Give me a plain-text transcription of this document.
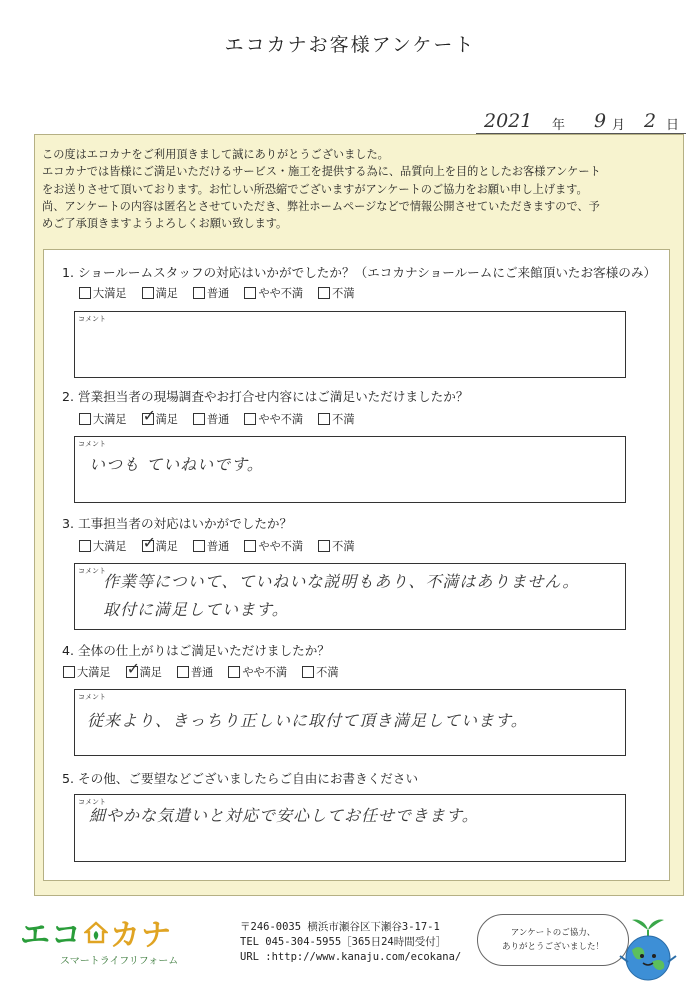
エコカナお客様アンケート
2021 年 9 月 2 日
この度はエコカナをご利用頂きまして誠にありがとうございました。
エコカナでは皆様にご満足いただけるサービス・施工を提供する為に、品質向上を目的としたお客様アンケート
をお送りさせて頂いております。お忙しい所恐縮でございますがアンケートのご協力をお願い申し上げます。
尚、アンケートの内容は匿名とさせていただき、弊社ホームページなどで情報公開させていただきますので、予
めご了承頂きますようよろしくお願い致します。
1. ショールームスタッフの対応はいかがでしたか？（エコカナショールームにご来館頂いたお客様のみ）
大満足	満足	普通	やや不満	不満
コメント
2. 営業担当者の現場調査やお打合せ内容にはご満足いただけましたか？
大満足 ✓ 満足	普通	やや不満	不満
コメント
いつも ていねいです。
3. 工事担当者の対応はいかがでしたか？
大満足 ✓ 満足	普通	やや不満	不満
コメント
作業等について、ていねいな説明もあり、不満はありません。
取付に満足しています。
4. 全体の仕上がりはご満足いただけましたか？
大満足 ✓ 満足	普通	やや不満	不満
コメント
従来より、きっちり正しいに取付て頂き満足しています。
5. その他、ご要望などございましたらご自由にお書きください
コメント
細やかな気遣いと対応で安心してお任せできます。
エコ カナ
スマートライフリフォーム
〒246-0035 横浜市瀬谷区下瀬谷3-17-1
TEL 045-304-5955［365日24時間受付］
URL :http://www.kanaju.com/ecokana/
アンケートのご協力、
ありがとうございました！
